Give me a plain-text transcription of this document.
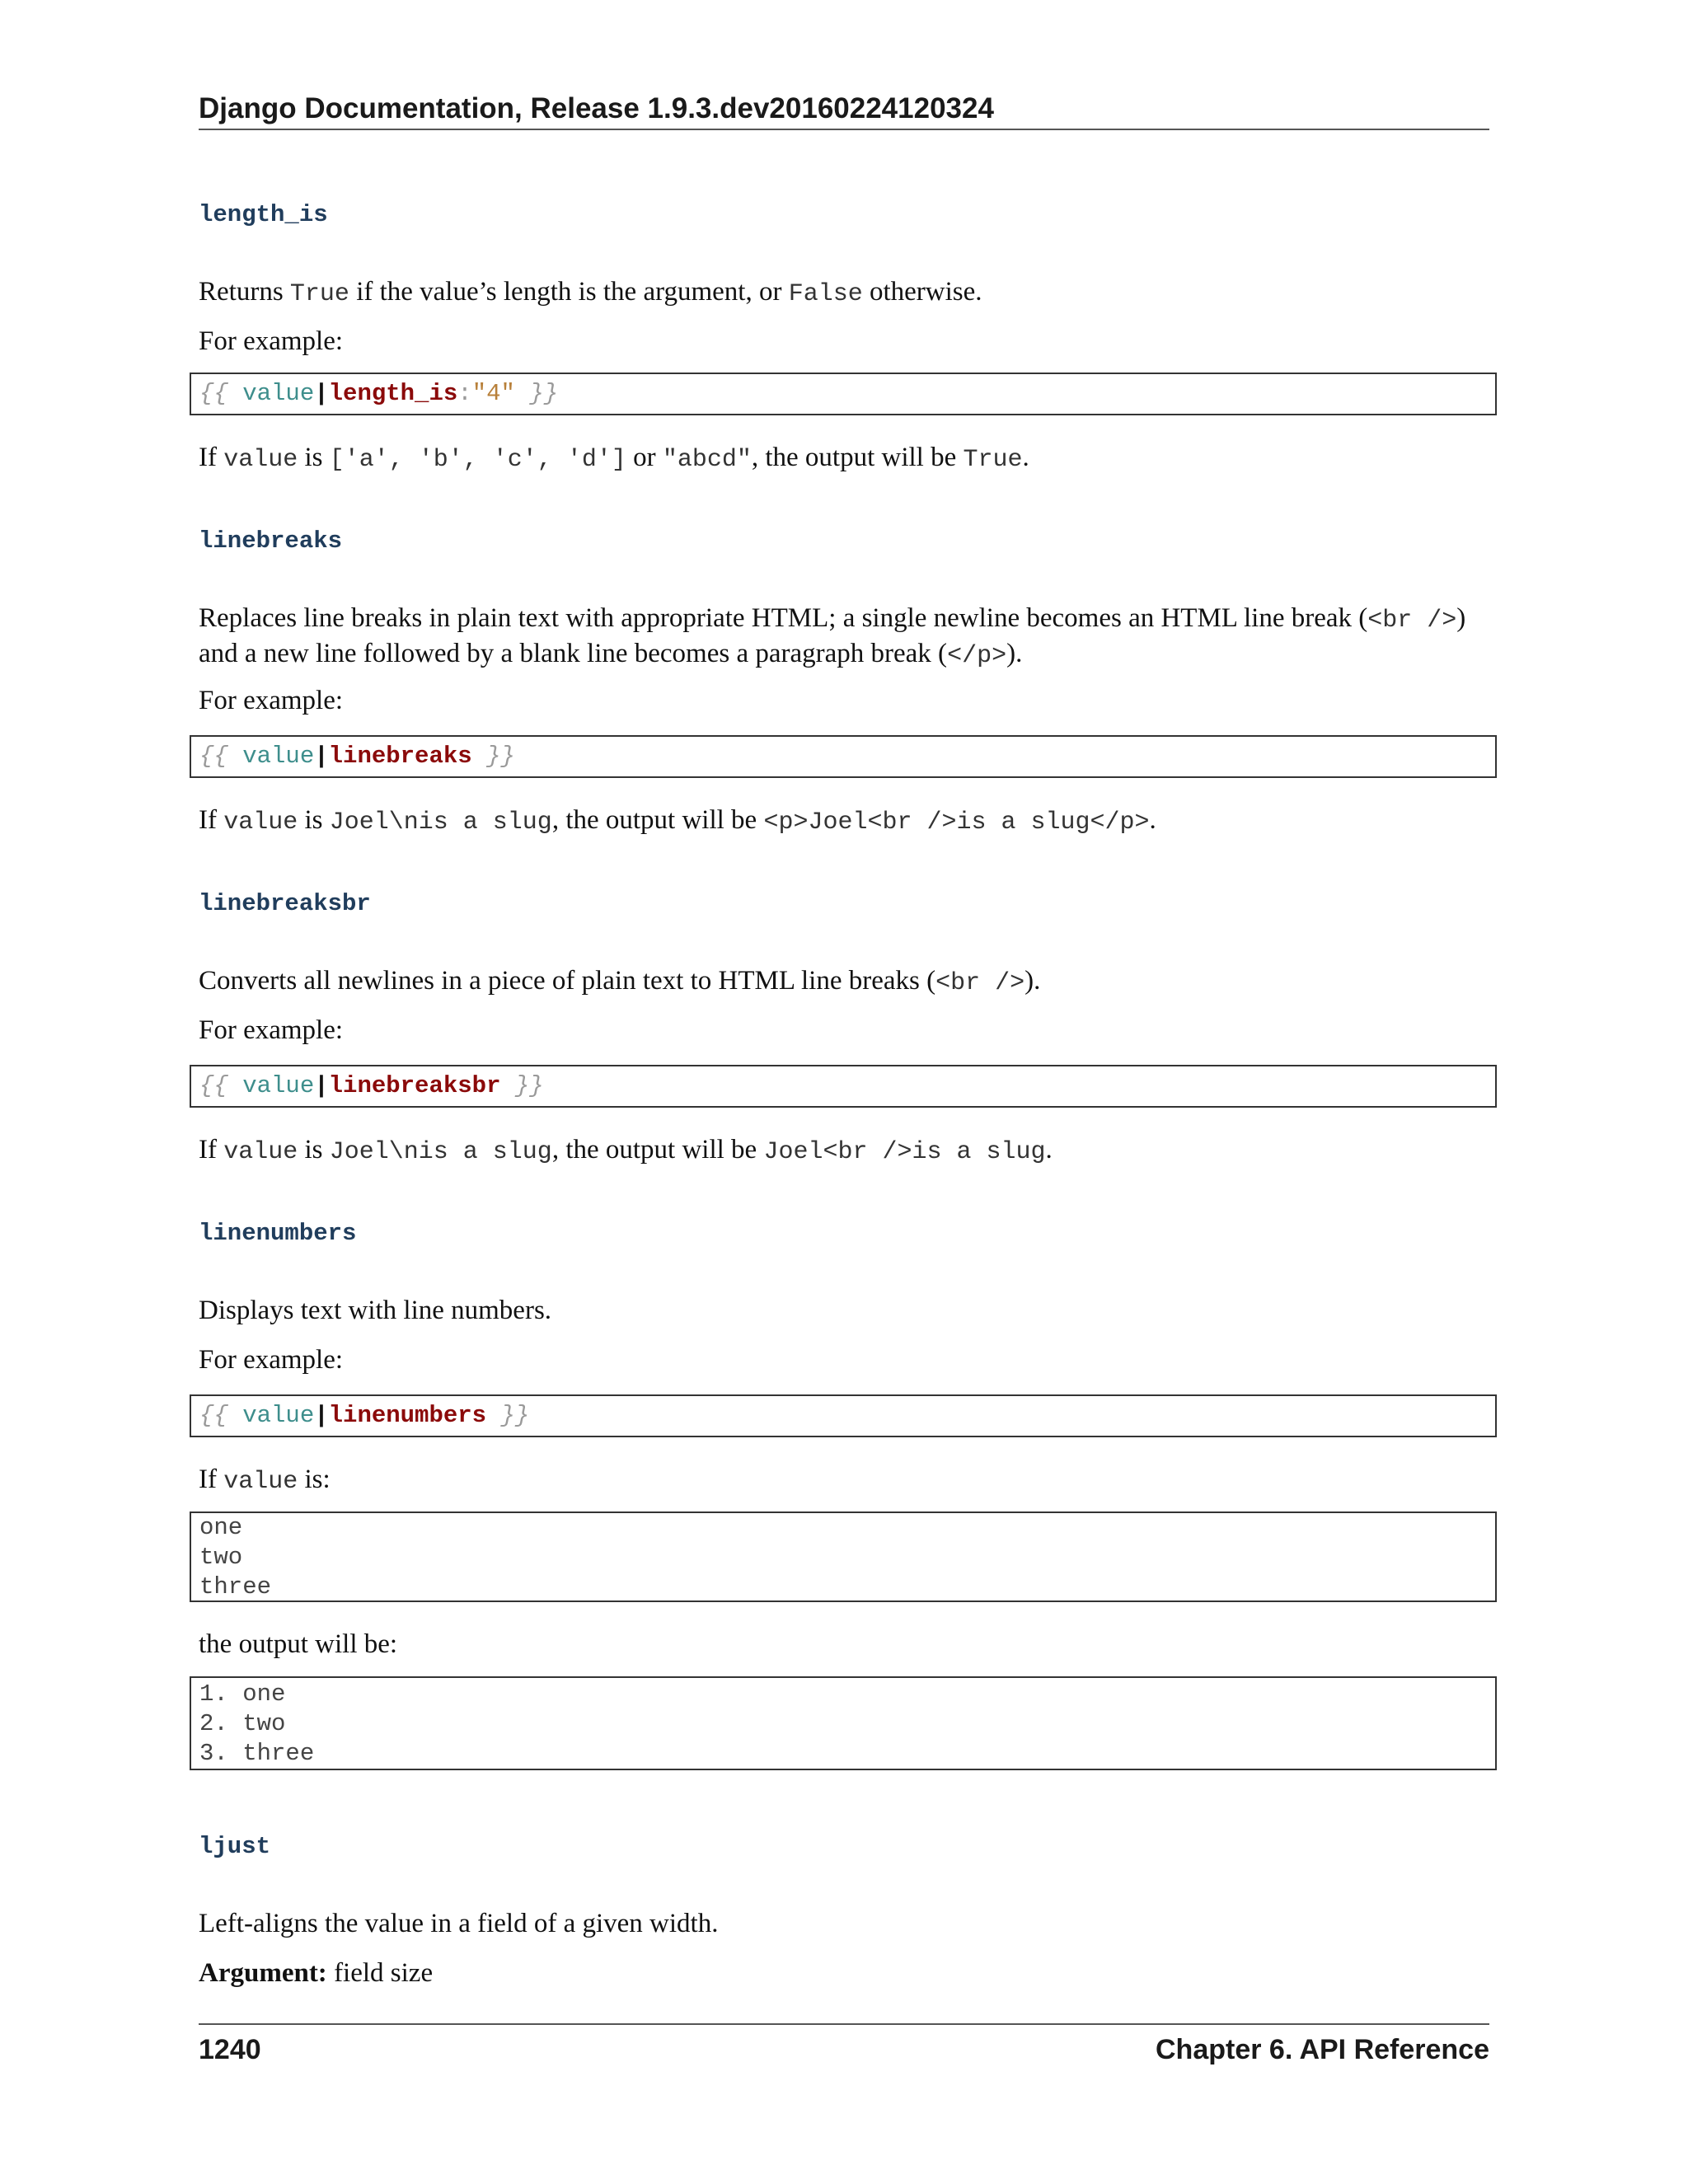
Django Documentation, Release 1.9.3.dev20160224120324
length_is
Returns True if the value’s length is the argument, or False otherwise.
For example:
{{ value|length_is:"4" }}
If value is ['a', 'b', 'c', 'd'] or "abcd", the output will be True.
linebreaks
Replaces line breaks in plain text with appropriate HTML; a single newline becomes an HTML line break (<br />) and a new line followed by a blank line becomes a paragraph break (</p>).
For example:
{{ value|linebreaks }}
If value is Joel\nis a slug, the output will be <p>Joel<br />is a slug</p>.
linebreaksbr
Converts all newlines in a piece of plain text to HTML line breaks (<br />).
For example:
{{ value|linebreaksbr }}
If value is Joel\nis a slug, the output will be Joel<br />is a slug.
linenumbers
Displays text with line numbers.
For example:
{{ value|linenumbers }}
If value is:
one
two
three
the output will be:
1. one
2. two
3. three
ljust
Left-aligns the value in a field of a given width.
Argument: field size
1240	Chapter 6. API Reference
